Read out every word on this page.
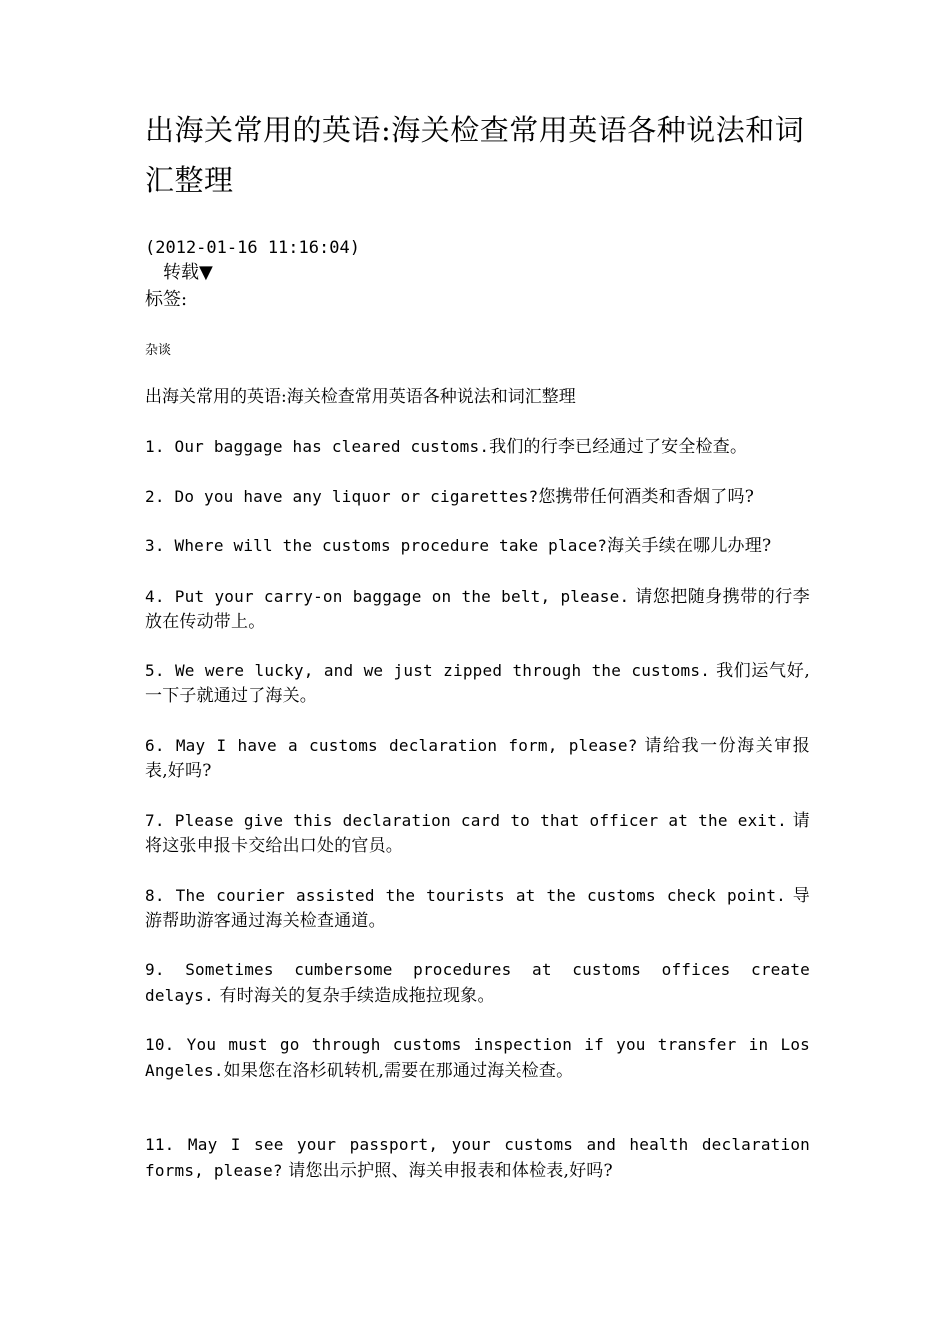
出海关常用的英语:海关检查常用英语各种说法和词汇整理
(2012-01-16 11:16:04)
转载▼
标签:
杂谈
出海关常用的英语:海关检查常用英语各种说法和词汇整理
1. Our baggage has cleared customs.我们的行李已经通过了安全检查。
2. Do you have any liquor or cigarettes?您携带任何酒类和香烟了吗?
3. Where will the customs procedure take place?海关手续在哪儿办理?
4. Put your carry-on baggage on the belt, please. 请您把随身携带的行李放在传动带上。
5. We were lucky, and we just zipped through the customs. 我们运气好,一下子就通过了海关。
6. May I have a customs declaration form, please? 请给我一份海关审报表,好吗?
7. Please give this declaration card to that officer at the exit. 请将这张申报卡交给出口处的官员。
8. The courier assisted the tourists at the customs check point. 导游帮助游客通过海关检查通道。
9. Sometimes cumbersome procedures at customs offices create delays. 有时海关的复杂手续造成拖拉现象。
10. You must go through customs inspection if you transfer in Los Angeles.如果您在洛杉矶转机,需要在那通过海关检查。
11. May I see your passport, your customs and health declaration forms, please? 请您出示护照、海关申报表和体检表,好吗?
